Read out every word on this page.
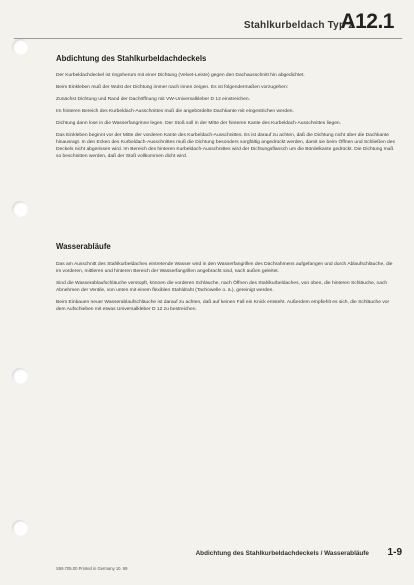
Stahlkurbeldach Typ 2
A12.1
Abdichtung des Stahlkurbeldachdeckels

Der Kurbeldachdeckel ist ringsherum mit einer Dichtung (Velvet-Leiste) gegen den Dachausschnitt hin abgedichtet.

Beim Einkleben muß der Wulst der Dichtung immer nach innen zeigen. Es ist folgendermaßen vorzugehen:

Zunächst Dichtung und Rand der Dachöffnung mit VW-Universalkleber D 12 einstreichen.

Im hinteren Bereich des Kurbeldach-Ausschnittes muß die angebördelte Dachkante mit eingestrichen werden.

Dichtung dann lose in die Wasserfangrinne legen. Der Stoß soll in der Mitte der hinteren Kante des Kurbeldach-Ausschnittes liegen.

Das Einkleben beginnt vor der Mitte der vorderen Kante des Kurbeldach-Ausschnittes. Es ist darauf zu achten, daß die Dichtung nicht über die Dachkante hinausragt. In den Ecken des Kurbeldach-Ausschnittes muß die Dichtung besonders sorgfältig angedrückt werden, damit sie beim Öffnen und Schließen des Deckels nicht abgerissen wird. Im Bereich des hinteren Kurbeldach-Ausschnittes wird der Dichtungsflansch um die Bördelkante gedrückt. Die Dichtung muß so beschnitten werden, daß der Stoß vollkommen dicht wird.

Wasserabläufe

Das am Ausschnitt des Stahlkurbeldaches eintretende Wasser wird in den Wasserfangrillen des Dachrahmens aufgefangen und durch Ablaufschläuche, die im vorderen, mittleren und hinteren Bereich der Wasserfangrillen angebracht sind, nach außen geleitet.

Sind die Wasserablaufschläuche verstopft, können die vorderen Schläuche, nach Öffnen des Stahlkurbeldaches, von oben, die hinteren Schläuche, nach Abnehmen der Ventile, von unten mit einem flexiblen Stahldraht (Tachowelle o. ä.), gereinigt werden.

Beim Einbauen neuer Wasserablaufschläuche ist darauf zu achten, daß auf keinen Fall ein Knick entsteht. Außerdem empfiehlt es sich, die Schläuche vor dem Aufschieben mit etwas Universalkleber D 12 zu bestreichen.

Abdichtung des Stahlkurbeldachdeckels / Wasserabläufe 1-9
S59.705.00 Printed in Germany 10. 69
